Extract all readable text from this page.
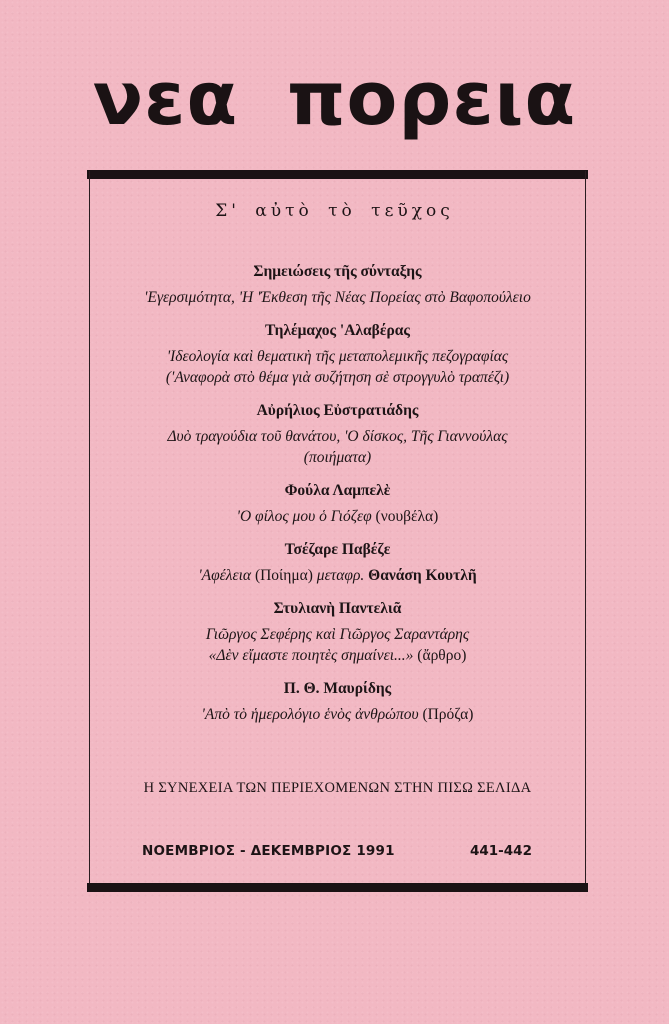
νεα πορεια
Σ' αὐτὸ τὸ τεῦχος
Σημειώσεις τῆς σύνταξης
'Εγερσιμότητα, 'Η 'Έκθεση τῆς Νέας Πορείας στὸ Βαφοπούλειο
Τηλέμαχος 'Αλαβέρας
'Ιδεολογία καὶ θεματικὴ τῆς μεταπολεμικῆς πεζογραφίας
('Αναφορὰ στὸ θέμα γιὰ συζήτηση σὲ στρογγυλὸ τραπέζι)
Αὐρήλιος Εὐστρατιάδης
Δυὸ τραγούδια τοῦ θανάτου, 'Ο δίσκος, Τῆς Γιαννούλας
(ποιήματα)
Φούλα Λαμπελὲ
'Ο φίλος μου ὁ Γιόζεφ (νουβέλα)
Τσέζαρε Παβέζε
'Αφέλεια (Ποίημα) μεταφρ. Θανάση Κουτλῆ
Στυλιανὴ Παντελιᾶ
Γιῶργος Σεφέρης καὶ Γιῶργος Σαραντάρης
«Δὲν εἴμαστε ποιητὲς σημαίνει...» (ἄρθρο)
Π. Θ. Μαυρίδης
'Απὸ τὸ ἡμερολόγιο ἑνὸς ἀνθρώπου (Πρόζα)
Η ΣΥΝΕΧΕΙΑ ΤΩΝ ΠΕΡΙΕΧΟΜΕΝΩΝ ΣΤΗΝ ΠΙΣΩ ΣΕΛΙΔΑ
ΝΟΕΜΒΡΙΟΣ - ΔΕΚΕΜΒΡΙΟΣ 1991	441-442
